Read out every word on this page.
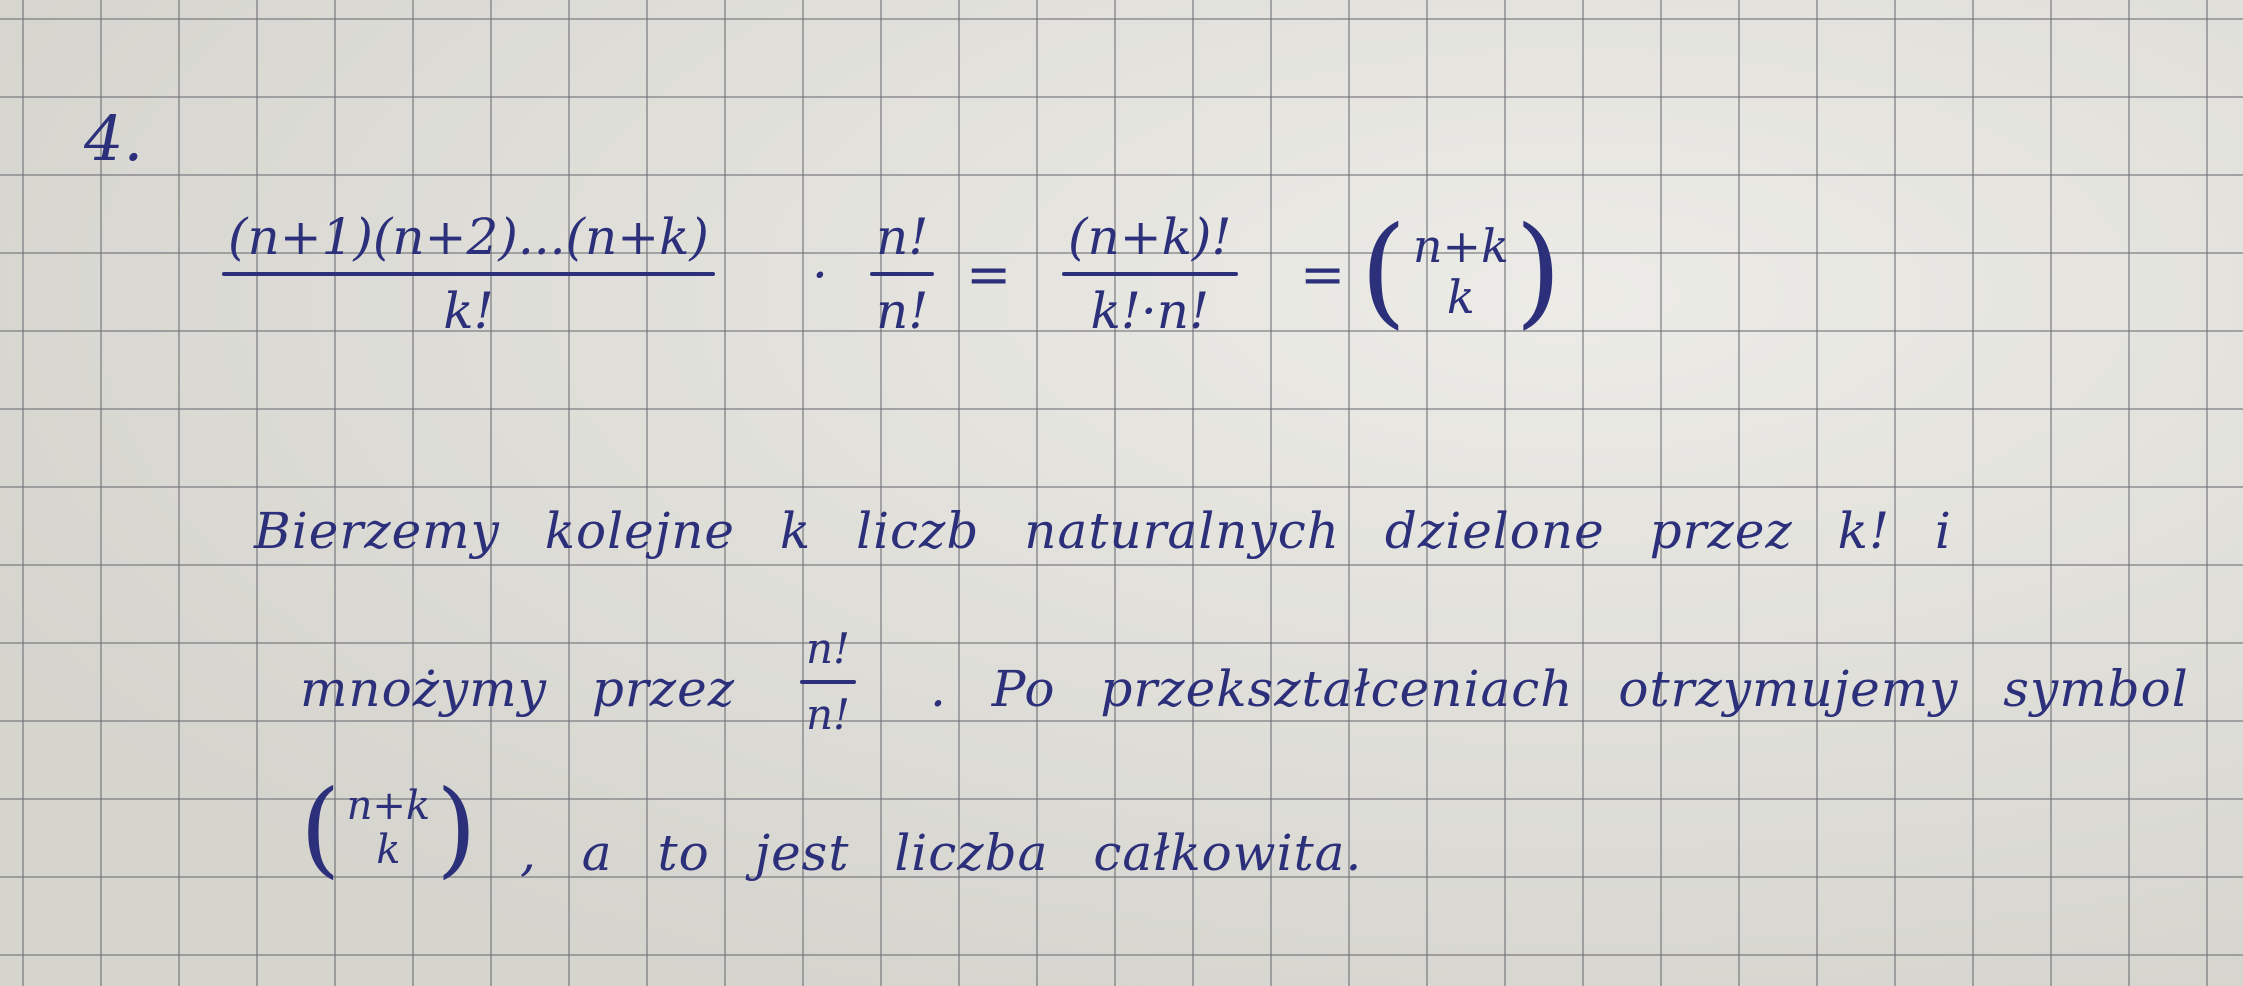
4.
(n+1)(n+2)...(n+k)
k!
·
n!
n!
=
(n+k)!
k!·n!
= ( n+k
k )
Bierzemy kolejne k liczb naturalnych dzielone przez k! i
mnożymy przez
n!
n! . Po przekształceniach otrzymujemy symbol
( n+k
k ) , a to jest liczba całkowita.
